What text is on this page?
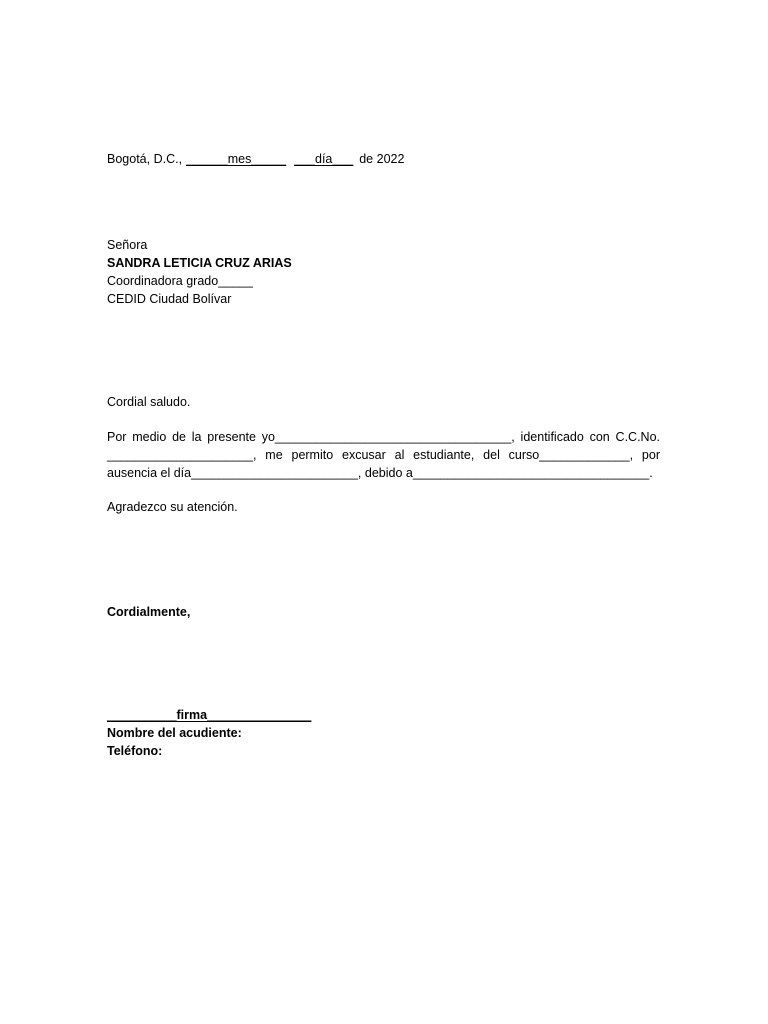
Bogotá, D.C., ______mes_____ ___día___ de 2022
Señora
SANDRA LETICIA CRUZ ARIAS
Coordinadora grado_____
CEDID Ciudad Bolívar
Cordial saludo.
Por medio de la presente yo__________________________________, identificado con C.C.No.
_____________________, me permito excusar al estudiante, del curso_____________, por
ausencia el día________________________, debido a__________________________________.
Agradezco su atención.
Cordialmente,
__________firma_______________
Nombre del acudiente:
Teléfono:
